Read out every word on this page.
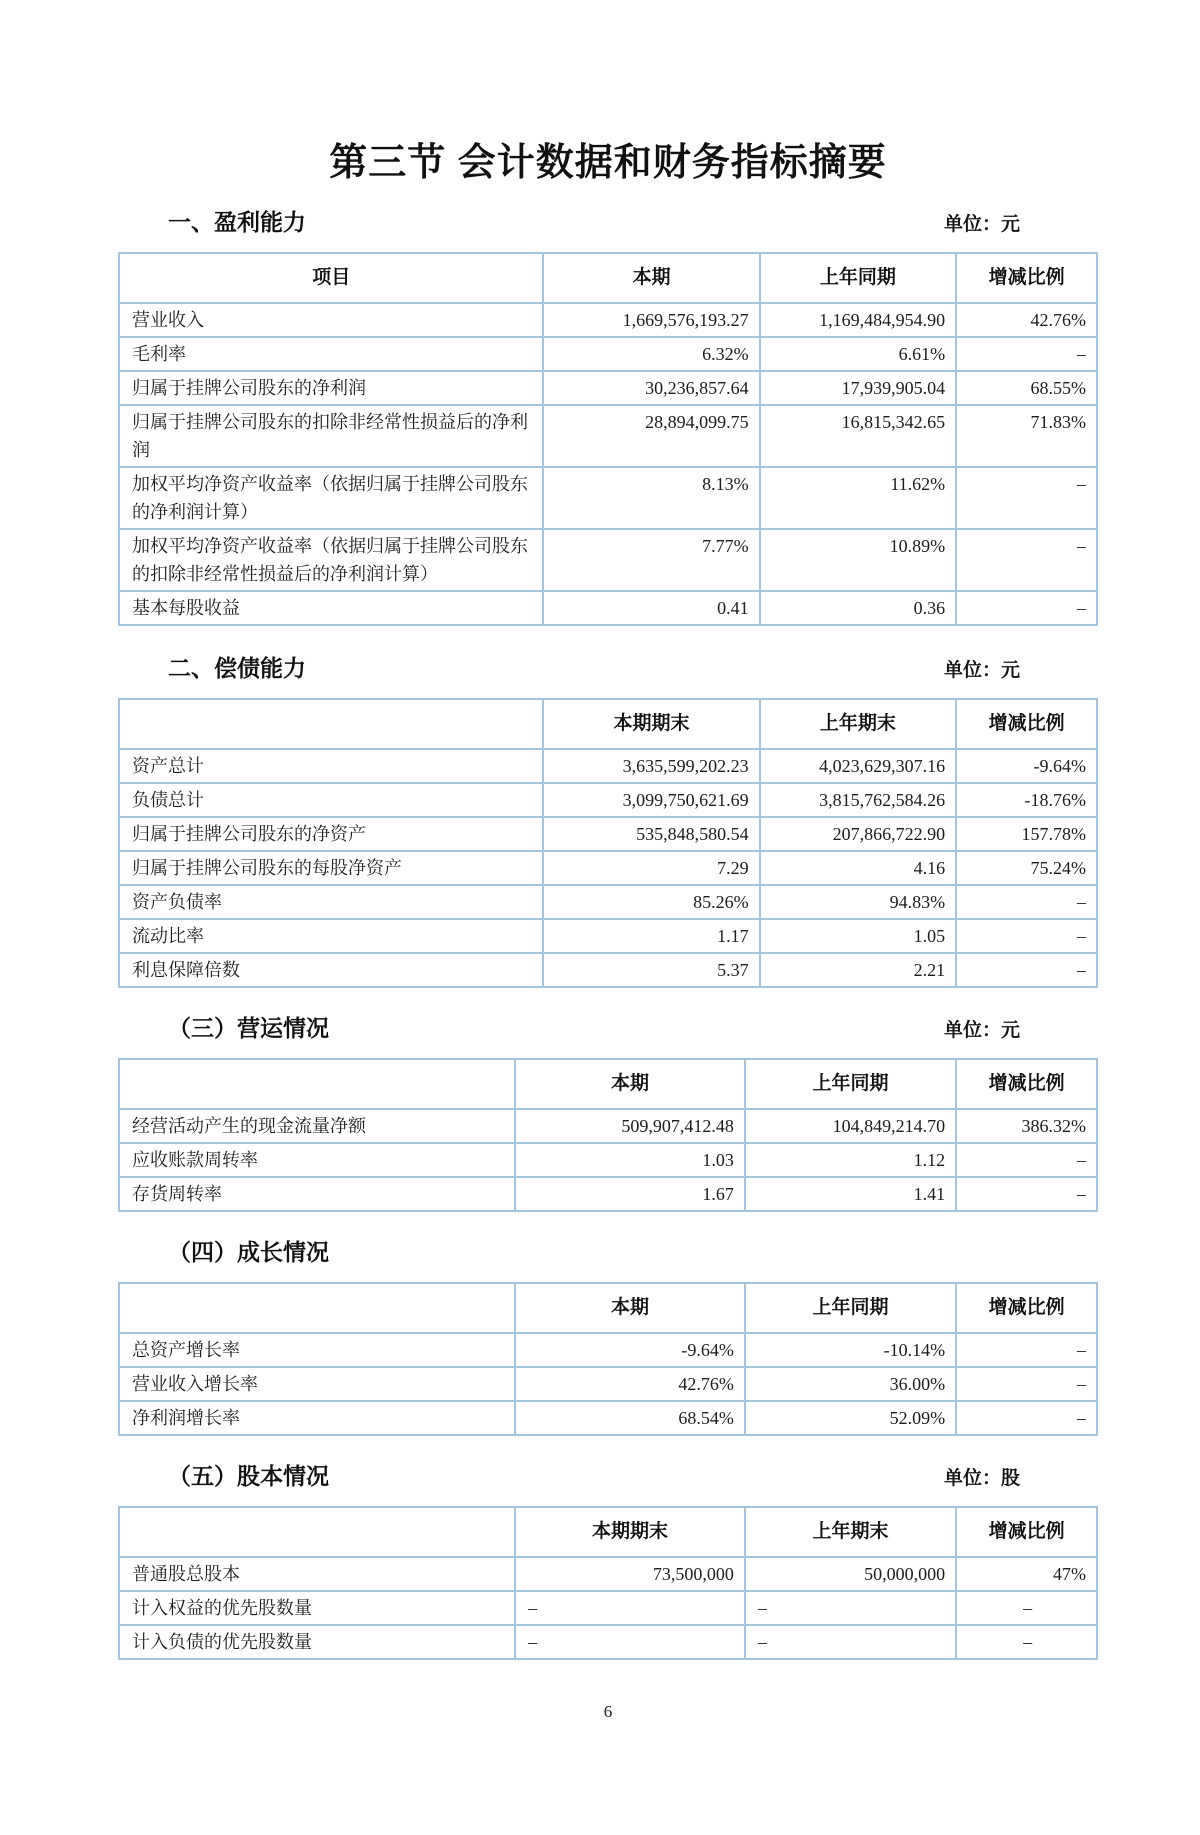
第三节 会计数据和财务指标摘要
一、盈利能力	单位：元
项目	本期	上年同期	增减比例
营业收入	1,669,576,193.27	1,169,484,954.90	42.76%
毛利率	6.32%	6.61%	–
归属于挂牌公司股东的净利润	30,236,857.64	17,939,905.04	68.55%
归属于挂牌公司股东的扣除非经常性损益后的净利润	28,894,099.75	16,815,342.65	71.83%
加权平均净资产收益率（依据归属于挂牌公司股东的净利润计算）	8.13%	11.62%	–
加权平均净资产收益率（依据归属于挂牌公司股东的扣除非经常性损益后的净利润计算）	7.77%	10.89%	–
基本每股收益	0.41	0.36	–
二、偿债能力	单位：元
	本期期末	上年期末	增减比例
资产总计	3,635,599,202.23	4,023,629,307.16	-9.64%
负债总计	3,099,750,621.69	3,815,762,584.26	-18.76%
归属于挂牌公司股东的净资产	535,848,580.54	207,866,722.90	157.78%
归属于挂牌公司股东的每股净资产	7.29	4.16	75.24%
资产负债率	85.26%	94.83%	–
流动比率	1.17	1.05	–
利息保障倍数	5.37	2.21	–
（三）营运情况	单位：元
	本期	上年同期	增减比例
经营活动产生的现金流量净额	509,907,412.48	104,849,214.70	386.32%
应收账款周转率	1.03	1.12	–
存货周转率	1.67	1.41	–
（四）成长情况
	本期	上年同期	增减比例
总资产增长率	-9.64%	-10.14%	–
营业收入增长率	42.76%	36.00%	–
净利润增长率	68.54%	52.09%	–
（五）股本情况	单位：股
	本期期末	上年期末	增减比例
普通股总股本	73,500,000	50,000,000	47%
计入权益的优先股数量	–	–	–
计入负债的优先股数量	–	–	–
6
